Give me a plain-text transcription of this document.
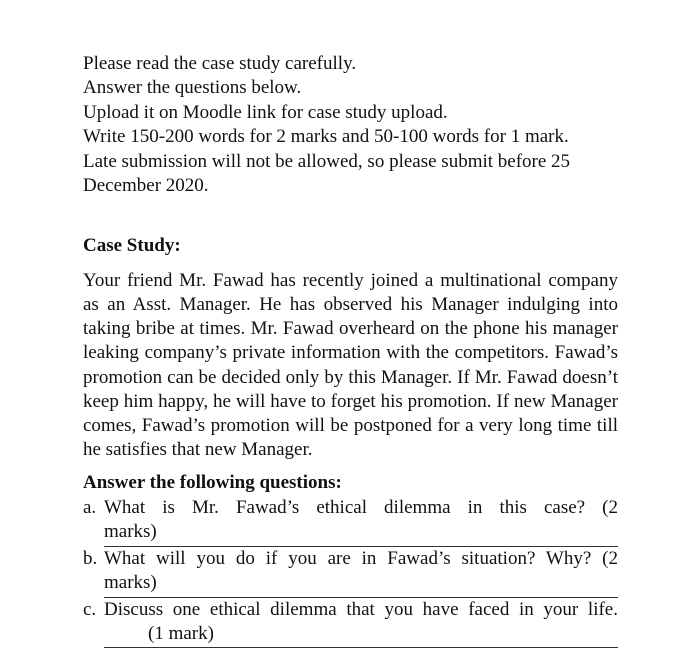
Please read the case study carefully.
Answer the questions below.
Upload it on Moodle link for case study upload.
Write 150-200 words for 2 marks and 50-100 words for 1 mark.
Late submission will not be allowed, so please submit before 25 December 2020.
Case Study:
Your friend Mr. Fawad has recently joined a multinational company as an Asst. Manager. He has observed his Manager indulging into taking bribe at times. Mr. Fawad overheard on the phone his manager leaking company’s private information with the competitors. Fawad’s promotion can be decided only by this Manager. If Mr. Fawad doesn’t keep him happy, he will have to forget his promotion. If new Manager comes, Fawad’s promotion will be postponed for a very long time till he satisfies that new Manager.
Answer the following questions:
a. What is Mr. Fawad’s ethical dilemma in this case? (2
marks)
b. What will you do if you are in Fawad’s situation? Why? (2
marks)
c. Discuss one ethical dilemma that you have faced in your life.
(1 mark)
